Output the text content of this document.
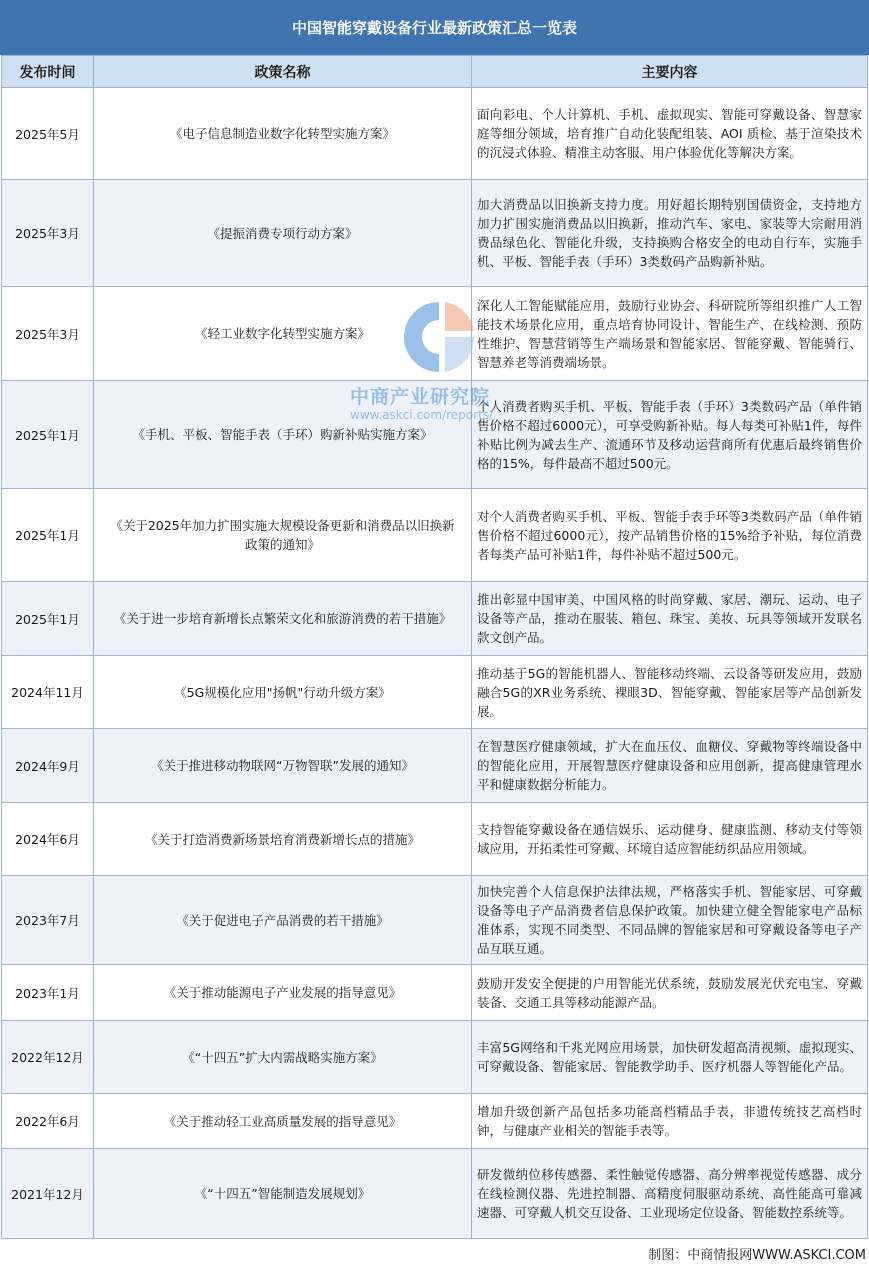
中国智能穿戴设备行业最新政策汇总一览表
发布时间	政策名称	主要内容
2025年5月	《电子信息制造业数字化转型实施方案》	面向彩电、个人计算机、手机、虚拟现实、智能可穿戴设备、智慧家庭等细分领域，培育推广自动化装配组装、AOI 质检、基于渲染技术的沉浸式体验、精准主动客服、用户体验优化等解决方案。
2025年3月	《提振消费专项行动方案》	加大消费品以旧换新支持力度。用好超长期特别国债资金，支持地方加力扩围实施消费品以旧换新，推动汽车、家电、家装等大宗耐用消费品绿色化、智能化升级，支持换购合格安全的电动自行车，实施手机、平板、智能手表（手环）3类数码产品购新补贴。
2025年3月	《轻工业数字化转型实施方案》	深化人工智能赋能应用，鼓励行业协会、科研院所等组织推广人工智能技术场景化应用，重点培育协同设计、智能生产、在线检测、预防性维护、智慧营销等生产端场景和智能家居、智能穿戴、智能骑行、智慧养老等消费端场景。
2025年1月	《手机、平板、智能手表（手环）购新补贴实施方案》	个人消费者购买手机、平板、智能手表（手环）3类数码产品（单件销售价格不超过6000元），可享受购新补贴。每人每类可补贴1件，每件补贴比例为减去生产、流通环节及移动运营商所有优惠后最终销售价格的15%，每件最高不超过500元。
2025年1月	《关于2025年加力扩围实施大规模设备更新和消费品以旧换新政策的通知》	对个人消费者购买手机、平板、智能手表手环等3类数码产品（单件销售价格不超过6000元），按产品销售价格的15%给予补贴，每位消费者每类产品可补贴1件，每件补贴不超过500元。
2025年1月	《关于进一步培育新增长点繁荣文化和旅游消费的若干措施》	推出彰显中国审美、中国风格的时尚穿戴、家居、潮玩、运动、电子设备等产品，推动在服装、箱包、珠宝、美妆、玩具等领域开发联名款文创产品。
2024年11月	《5G规模化应用"扬帆"行动升级方案》	推动基于5G的智能机器人、智能移动终端、云设备等研发应用，鼓励融合5G的XR业务系统、裸眼3D、智能穿戴、智能家居等产品创新发展。
2024年9月	《关于推进移动物联网“万物智联”发展的通知》	在智慧医疗健康领域，扩大在血压仪、血糖仪、穿戴物等终端设备中的智能化应用，开展智慧医疗健康设备和应用创新，提高健康管理水平和健康数据分析能力。
2024年6月	《关于打造消费新场景培育消费新增长点的措施》	支持智能穿戴设备在通信娱乐、运动健身、健康监测、移动支付等领域应用，开拓柔性可穿戴、环境自适应智能纺织品应用领域。
2023年7月	《关于促进电子产品消费的若干措施》	加快完善个人信息保护法律法规，严格落实手机、智能家居、可穿戴设备等电子产品消费者信息保护政策。加快建立健全智能家电产品标准体系，实现不同类型、不同品牌的智能家居和可穿戴设备等电子产品互联互通。
2023年1月	《关于推动能源电子产业发展的指导意见》	鼓励开发安全便捷的户用智能光伏系统，鼓励发展光伏充电宝、穿戴装备、交通工具等移动能源产品。
2022年12月	《“十四五”扩大内需战略实施方案》	丰富5G网络和千兆光网应用场景，加快研发超高清视频、虚拟现实、可穿戴设备、智能家居、智能教学助手、医疗机器人等智能化产品。
2022年6月	《关于推动轻工业高质量发展的指导意见》	增加升级创新产品包括多功能高档精品手表，非遗传统技艺高档时钟，与健康产业相关的智能手表等。
2021年12月	《“十四五”智能制造发展规划》	研发微纳位移传感器、柔性触觉传感器、高分辨率视觉传感器、成分在线检测仪器、先进控制器、高精度伺服驱动系统、高性能高可靠减速器、可穿戴人机交互设备、工业现场定位设备、智能数控系统等。
中商产业研究院
www.askci.com/reports/
制图：中商情报网WWW.ASKCI.COM
